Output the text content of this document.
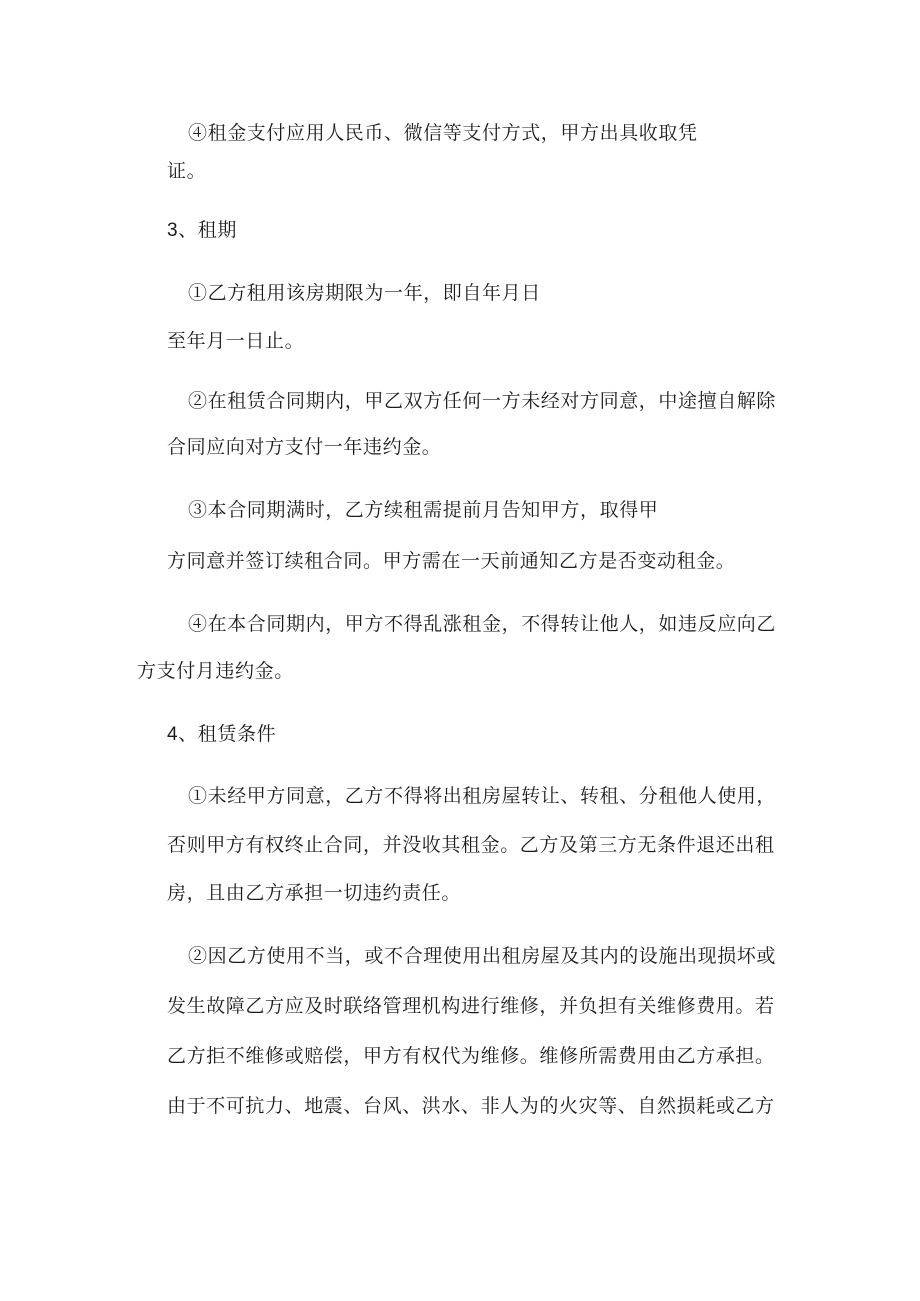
④租金支付应用人民币、微信等支付方式，甲方出具收取凭
证。
3、租期
①乙方租用该房期限为一年，即自年月日
至年月一日止。
②在租赁合同期内，甲乙双方任何一方未经对方同意，中途擅自解除
合同应向对方支付一年违约金。
③本合同期满时，乙方续租需提前月告知甲方，取得甲
方同意并签订续租合同。甲方需在一天前通知乙方是否变动租金。
④在本合同期内，甲方不得乱涨租金，不得转让他人，如违反应向乙
方支付月违约金。
4、租赁条件
①未经甲方同意，乙方不得将出租房屋转让、转租、分租他人使用，
否则甲方有权终止合同，并没收其租金。乙方及第三方无条件退还出租
房，且由乙方承担一切违约责任。
②因乙方使用不当，或不合理使用出租房屋及其内的设施出现损坏或
发生故障乙方应及时联络管理机构进行维修，并负担有关维修费用。若
乙方拒不维修或赔偿，甲方有权代为维修。维修所需费用由乙方承担。
由于不可抗力、地震、台风、洪水、非人为的火灾等、自然损耗或乙方
